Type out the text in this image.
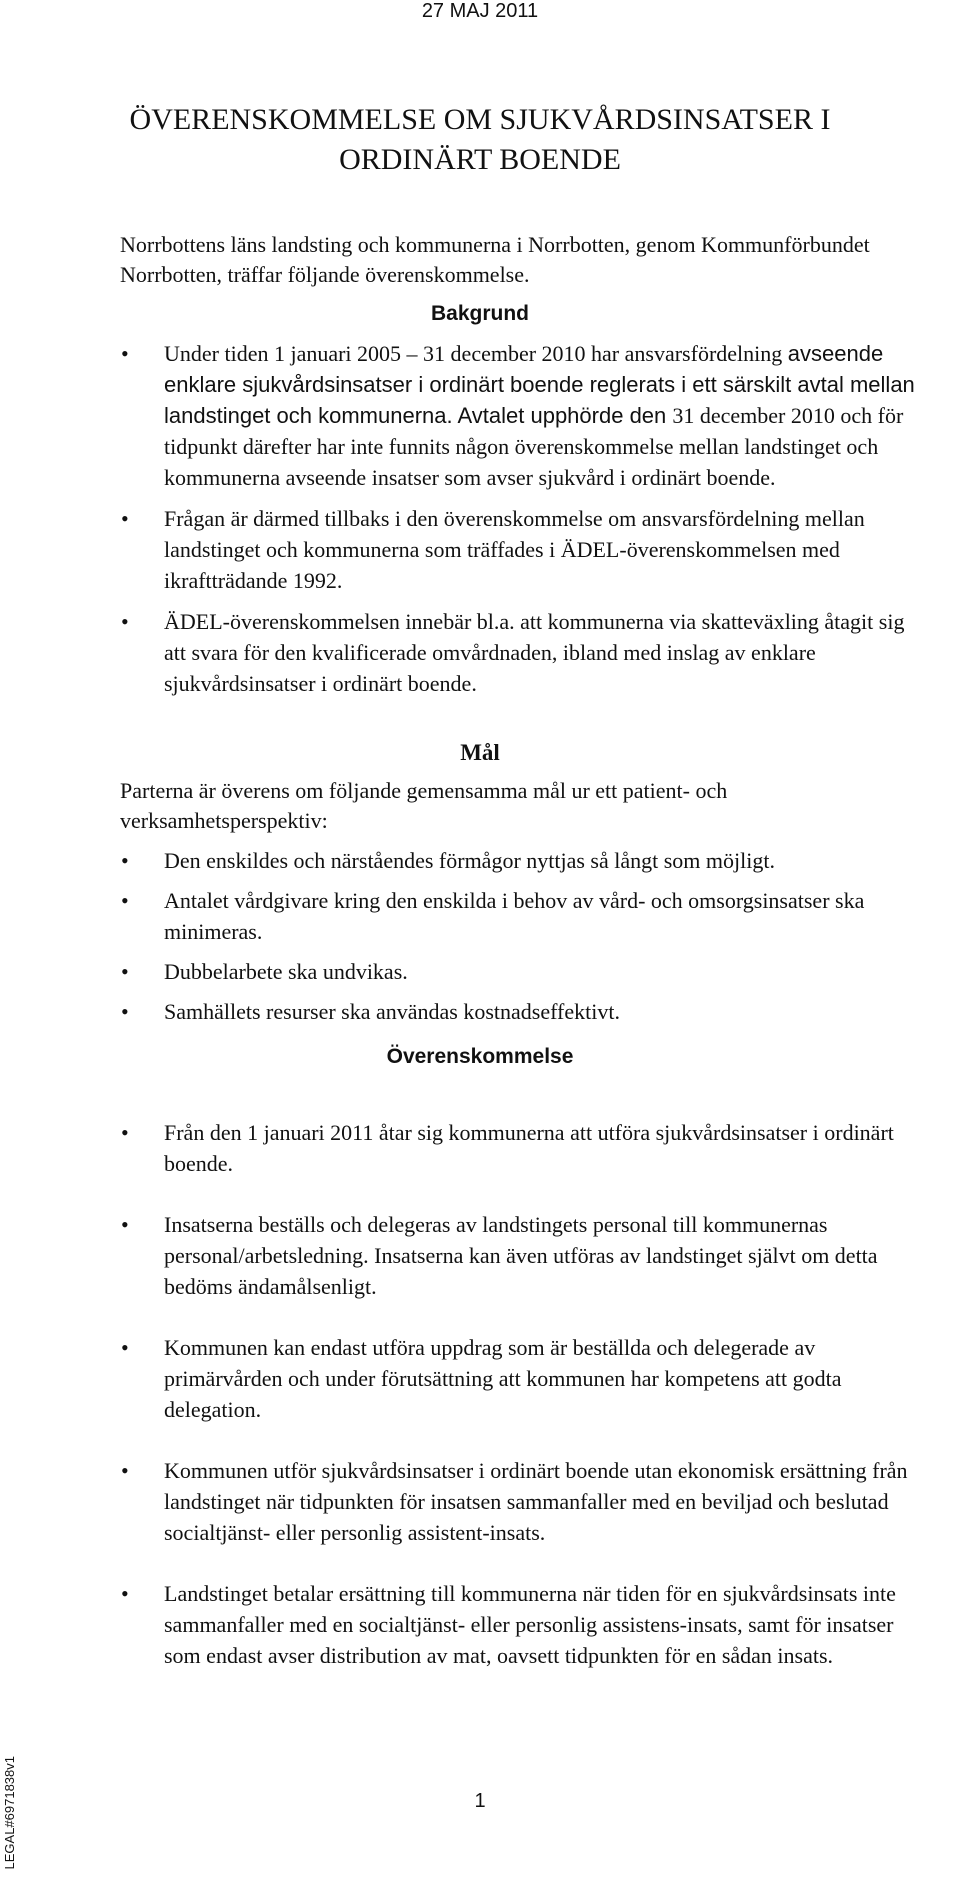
27 MAJ 2011
ÖVERENSKOMMELSE OM SJUKVÅRDSINSATSER I
ORDINÄRT BOENDE
Norrbottens läns landsting och kommunerna i Norrbotten, genom Kommunförbundet Norrbotten, träffar följande överenskommelse.
Bakgrund
• Under tiden 1 januari 2005 – 31 december 2010 har ansvarsfördelning avseende enklare sjukvårdsinsatser i ordinärt boende reglerats i ett särskilt avtal mellan landstinget och kommunerna. Avtalet upphörde den 31 december 2010 och för tidpunkt därefter har inte funnits någon överenskommelse mellan landstinget och kommunerna avseende insatser som avser sjukvård i ordinärt boende.
• Frågan är därmed tillbaks i den överenskommelse om ansvarsfördelning mellan landstinget och kommunerna som träffades i ÄDEL-överenskommelsen med ikraftträdande 1992.
• ÄDEL-överenskommelsen innebär bl.a. att kommunerna via skatteväxling åtagit sig att svara för den kvalificerade omvårdnaden, ibland med inslag av enklare sjukvårdsinsatser i ordinärt boende.
Mål
Parterna är överens om följande gemensamma mål ur ett patient- och verksamhetsperspektiv:
• Den enskildes och närståendes förmågor nyttjas så långt som möjligt.
• Antalet vårdgivare kring den enskilda i behov av vård- och omsorgsinsatser ska minimeras.
• Dubbelarbete ska undvikas.
• Samhällets resurser ska användas kostnadseffektivt.
Överenskommelse
• Från den 1 januari 2011 åtar sig kommunerna att utföra sjukvårdsinsatser i ordinärt boende.
• Insatserna beställs och delegeras av landstingets personal till kommunernas personal/arbetsledning. Insatserna kan även utföras av landstinget självt om detta bedöms ändamålsenligt.
• Kommunen kan endast utföra uppdrag som är beställda och delegerade av primärvården och under förutsättning att kommunen har kompetens att godta delegation.
• Kommunen utför sjukvårdsinsatser i ordinärt boende utan ekonomisk ersättning från landstinget när tidpunkten för insatsen sammanfaller med en beviljad och beslutad socialtjänst- eller personlig assistent-insats.
• Landstinget betalar ersättning till kommunerna när tiden för en sjukvårdsinsats inte sammanfaller med en socialtjänst- eller personlig assistens-insats, samt för insatser som endast avser distribution av mat, oavsett tidpunkten för en sådan insats.
1
LEGAL#6971838v1
